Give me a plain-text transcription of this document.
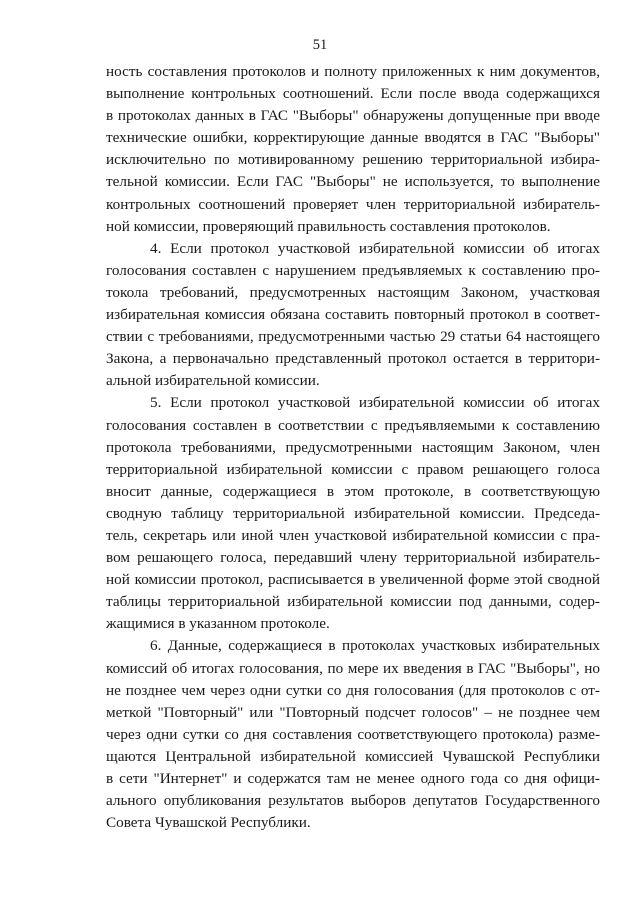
51

ность составления протоколов и полноту приложенных к ним документов,
выполнение контрольных соотношений. Если после ввода содержащихся
в протоколах данных в ГАС "Выборы" обнаружены допущенные при вводе
технические ошибки, корректирующие данные вводятся в ГАС "Выборы"
исключительно по мотивированному решению территориальной избира-
тельной комиссии. Если ГАС "Выборы" не используется, то выполнение
контрольных соотношений проверяет член территориальной избиратель-
ной комиссии, проверяющий правильность составления протоколов.

4. Если протокол участковой избирательной комиссии об итогах
голосования составлен с нарушением предъявляемых к составлению про-
токола требований, предусмотренных настоящим Законом, участковая
избирательная комиссия обязана составить повторный протокол в соответ-
ствии с требованиями, предусмотренными частью 29 статьи 64 настоящего
Закона, а первоначально представленный протокол остается в территори-
альной избирательной комиссии.

5. Если протокол участковой избирательной комиссии об итогах
голосования составлен в соответствии с предъявляемыми к составлению
протокола требованиями, предусмотренными настоящим Законом, член
территориальной избирательной комиссии с правом решающего голоса
вносит данные, содержащиеся в этом протоколе, в соответствующую
сводную таблицу территориальной избирательной комиссии. Председа-
тель, секретарь или иной член участковой избирательной комиссии с пра-
вом решающего голоса, передавший члену территориальной избиратель-
ной комиссии протокол, расписывается в увеличенной форме этой сводной
таблицы территориальной избирательной комиссии под данными, содер-
жащимися в указанном протоколе.

6. Данные, содержащиеся в протоколах участковых избирательных
комиссий об итогах голосования, по мере их введения в ГАС "Выборы", но
не позднее чем через одни сутки со дня голосования (для протоколов с от-
меткой "Повторный" или "Повторный подсчет голосов" – не позднее чем
через одни сутки со дня составления соответствующего протокола) разме-
щаются Центральной избирательной комиссией Чувашской Республики
в сети "Интернет" и содержатся там не менее одного года со дня офици-
ального опубликования результатов выборов депутатов Государственного
Совета Чувашской Республики.
